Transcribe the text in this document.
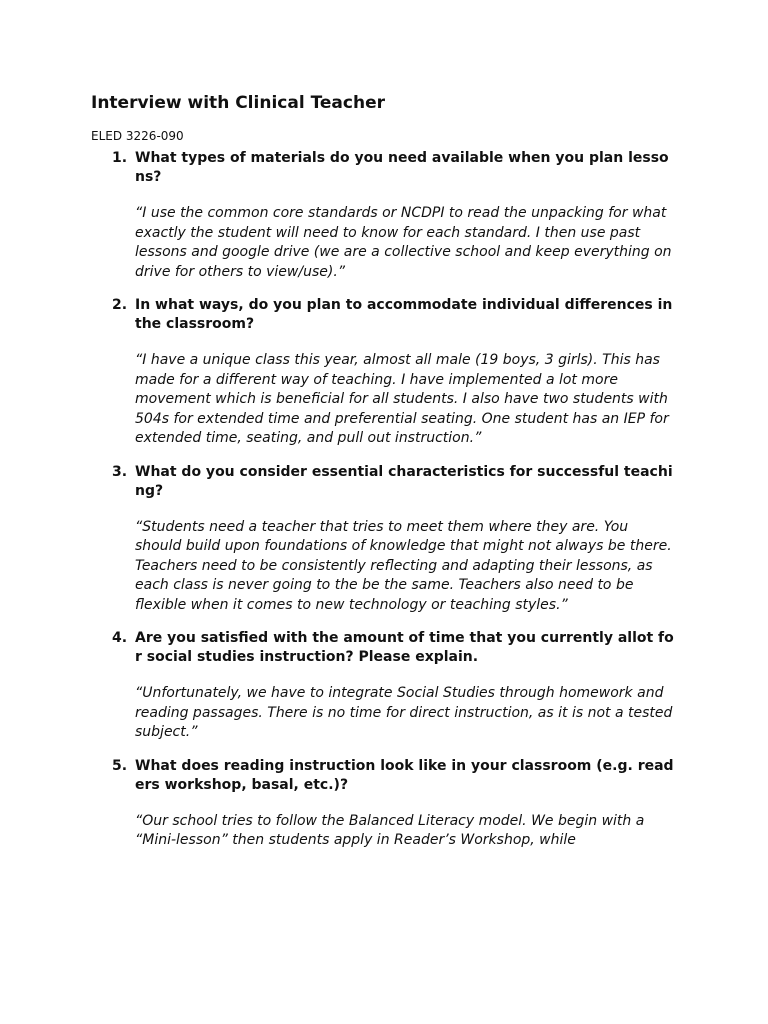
Interview with Clinical Teacher
ELED 3226-090
1. What types of materials do you need available when you plan lessons?

“I use the common core standards or NCDPI to read the unpacking for what exactly the student will need to know for each standard. I then use past lessons and google drive (we are a collective school and keep everything on drive for others to view/use).”

2. In what ways, do you plan to accommodate individual differences in the classroom?

“I have a unique class this year, almost all male (19 boys, 3 girls). This has made for a different way of teaching. I have implemented a lot more movement which is beneficial for all students. I also have two students with 504s for extended time and preferential seating. One student has an IEP for extended time, seating, and pull out instruction.”

3. What do you consider essential characteristics for successful teaching?

“Students need a teacher that tries to meet them where they are. You should build upon foundations of knowledge that might not always be there. Teachers need to be consistently reflecting and adapting their lessons, as each class is never going to the be the same. Teachers also need to be flexible when it comes to new technology or teaching styles.”

4. Are you satisfied with the amount of time that you currently allot for social studies instruction? Please explain.

“Unfortunately, we have to integrate Social Studies through homework and reading passages. There is no time for direct instruction, as it is not a tested subject.”

5. What does reading instruction look like in your classroom (e.g. readers workshop, basal, etc.)?

“Our school tries to follow the Balanced Literacy model. We begin with a “Mini-lesson” then students apply in Reader’s Workshop, while
